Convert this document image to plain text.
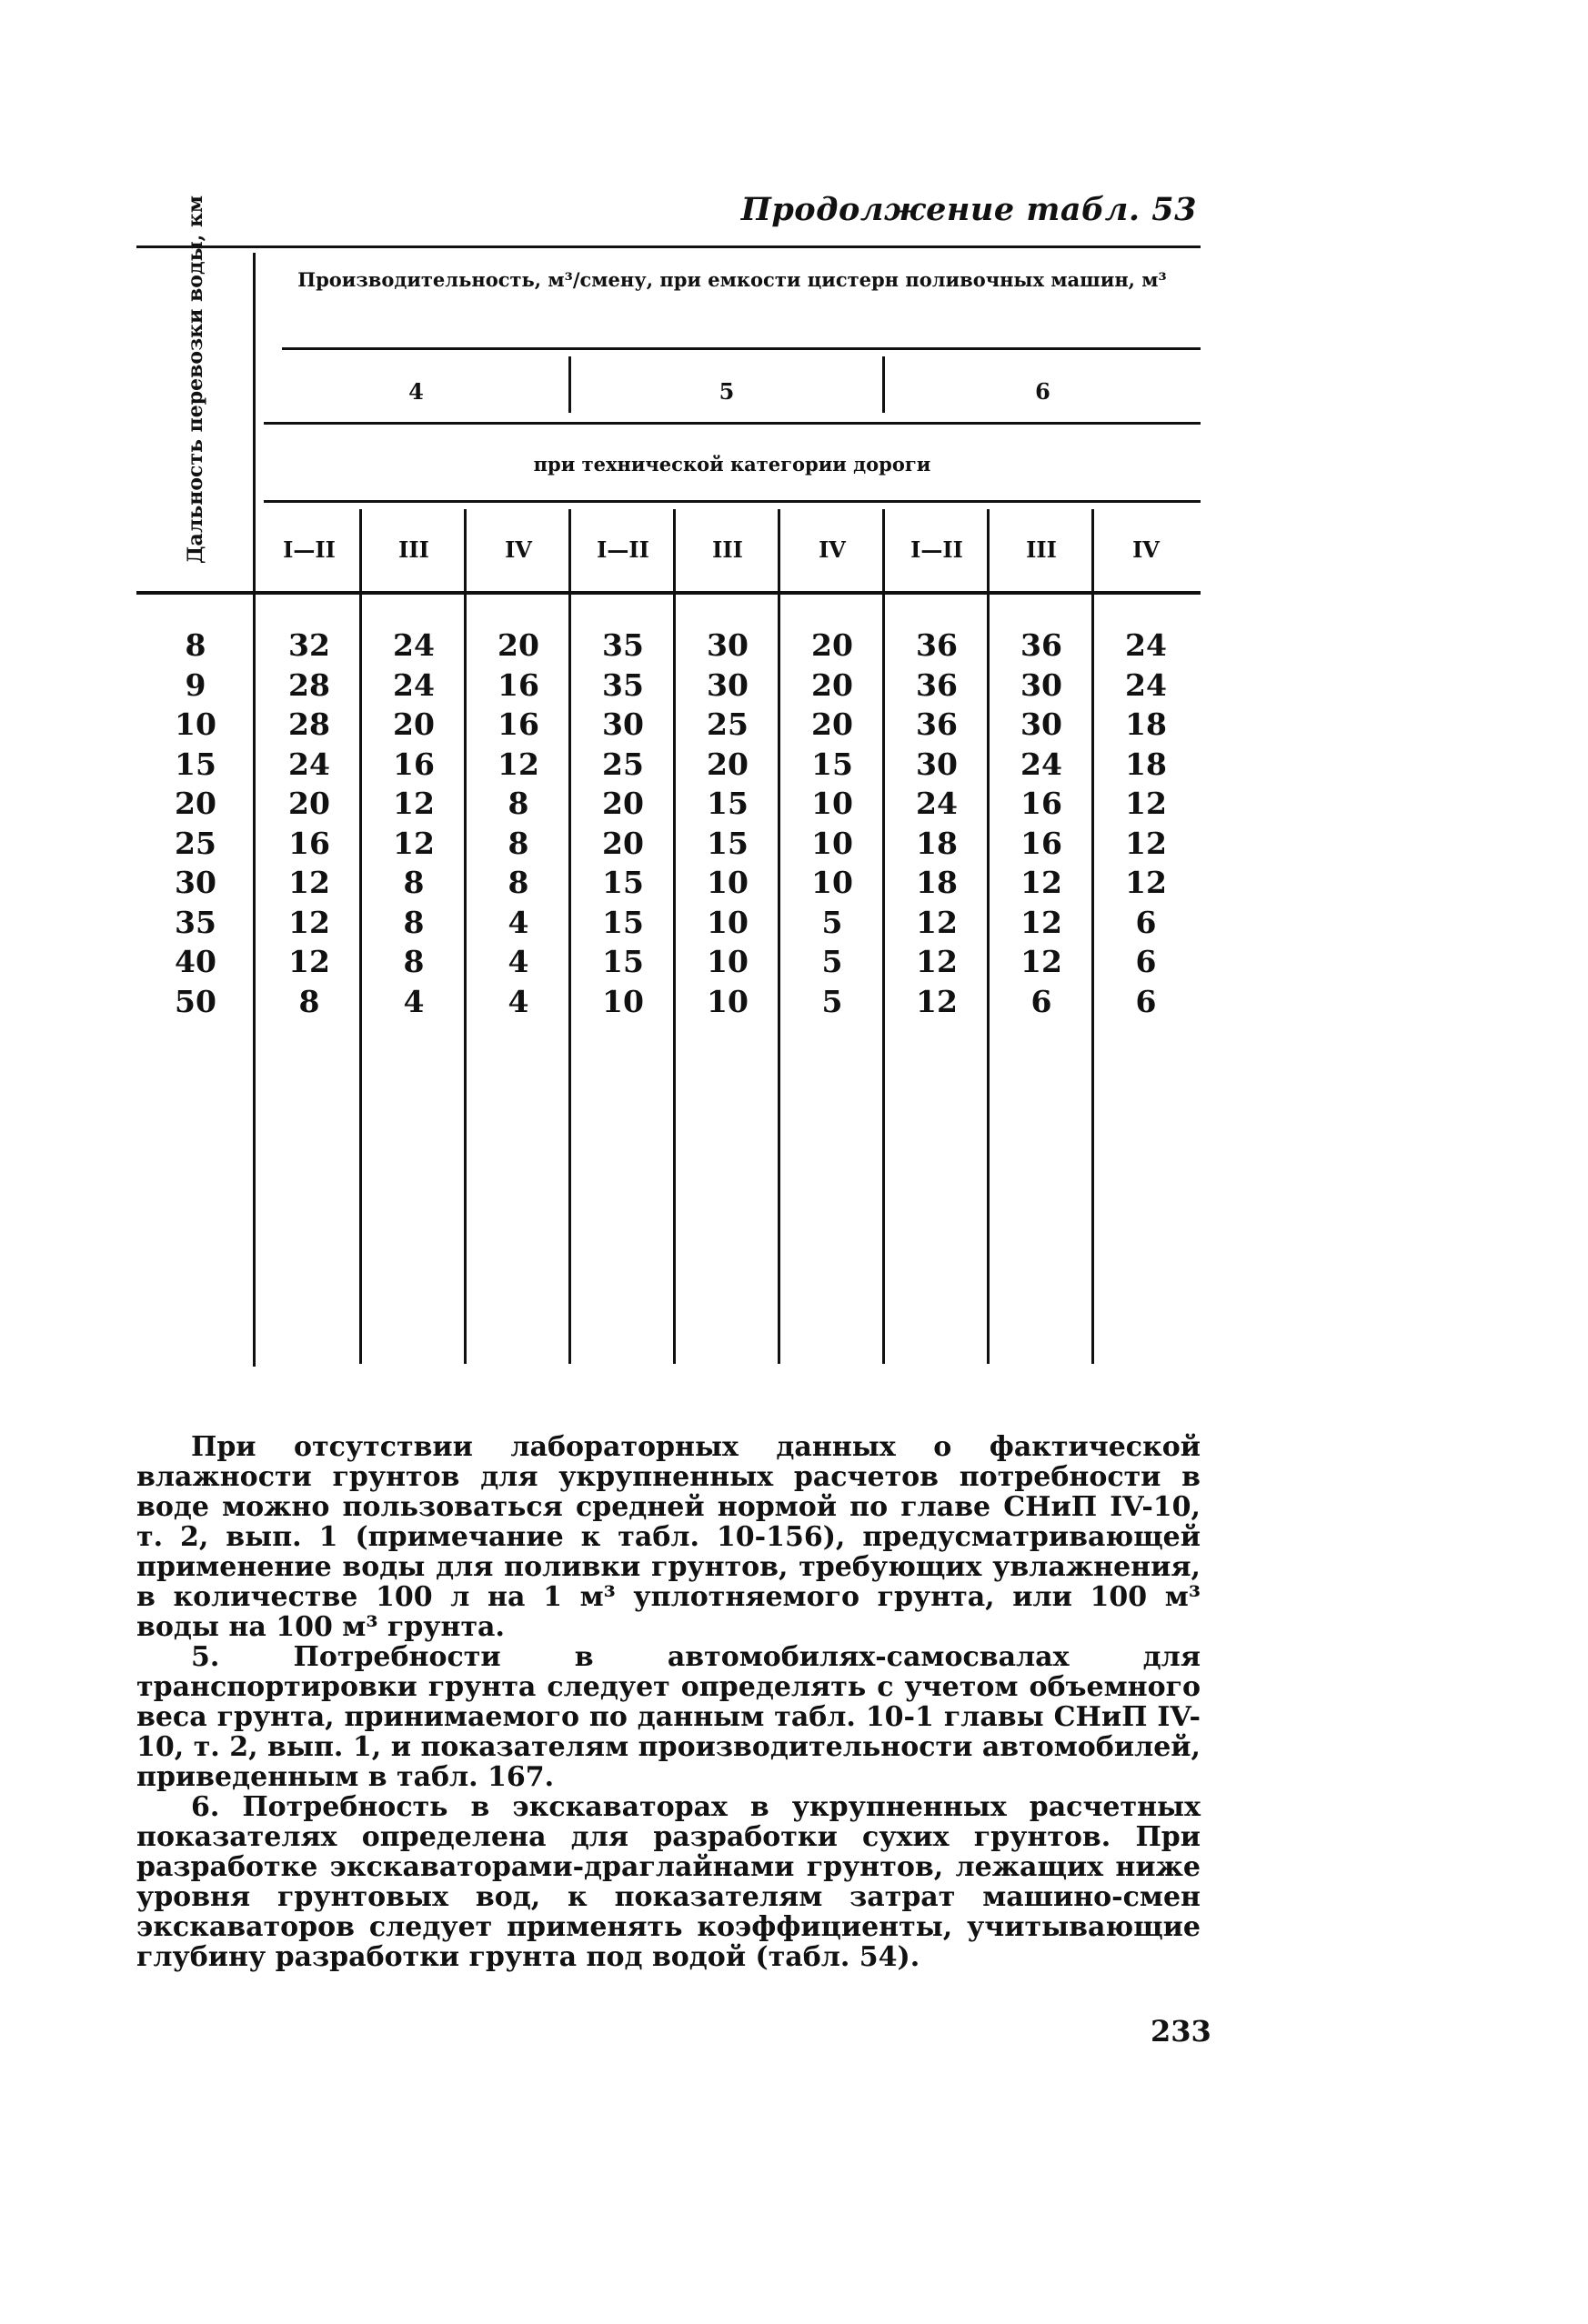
Продолжение табл. 53
Дальность перевозки воды, км	Производительность, м³/смену, при емкости цистерн поливочных машин, м³
4	5	6
при технической категории дороги
I—II	III	IV	I—II	III	IV	I—II	III	IV
8	32	24	20	35	30	20	36	36	24
9	28	24	16	35	30	20	36	30	24
10	28	20	16	30	25	20	36	30	18
15	24	16	12	25	20	15	30	24	18
20	20	12	8	20	15	10	24	16	12
25	16	12	8	20	15	10	18	16	12
30	12	8	8	15	10	10	18	12	12
35	12	8	4	15	10	5	12	12	6
40	12	8	4	15	10	5	12	12	6
50	8	4	4	10	10	5	12	6	6

При отсутствии лабораторных данных о фактической влажности грунтов для укрупненных расчетов потребности в воде можно пользоваться средней нормой по главе СНиП IV-10, т. 2, вып. 1 (примечание к табл. 10-156), предусматривающей применение воды для поливки грунтов, требующих увлажнения, в количестве 100 л на 1 м³ уплотняемого грунта, или 100 м³ воды на 100 м³ грунта.

5. Потребности в автомобилях-самосвалах для транспортировки грунта следует определять с учетом объемного веса грунта, принимаемого по данным табл. 10-1 главы СНиП IV-10, т. 2, вып. 1, и показателям производительности автомобилей, приведенным в табл. 167.

6. Потребность в экскаваторах в укрупненных расчетных показателях определена для разработки сухих грунтов. При разработке экскаваторами-драглайнами грунтов, лежащих ниже уровня грунтовых вод, к показателям затрат машино-смен экскаваторов следует применять коэффициенты, учитывающие глубину разработки грунта под водой (табл. 54).

233
